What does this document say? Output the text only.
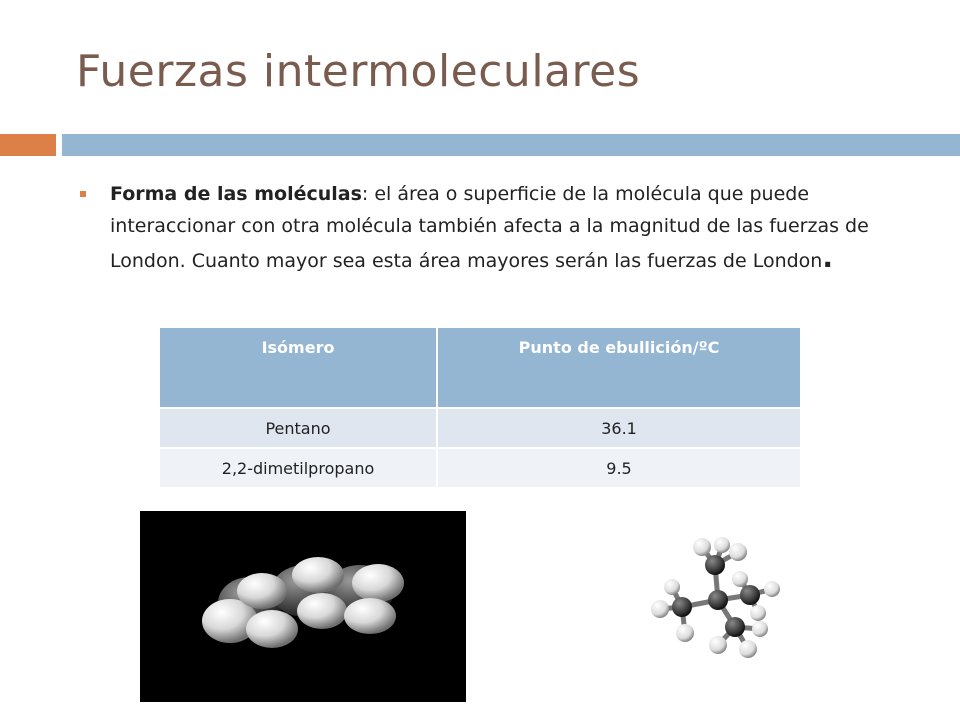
Fuerzas intermoleculares
Forma de las moléculas: el área o superficie de la molécula que puede interaccionar con otra molécula también afecta a la magnitud de las fuerzas de London. Cuanto mayor sea esta área mayores serán las fuerzas de London.
Isómero	Punto de ebullición/ºC
Pentano	36.1
2,2-dimetilpropano	9.5
